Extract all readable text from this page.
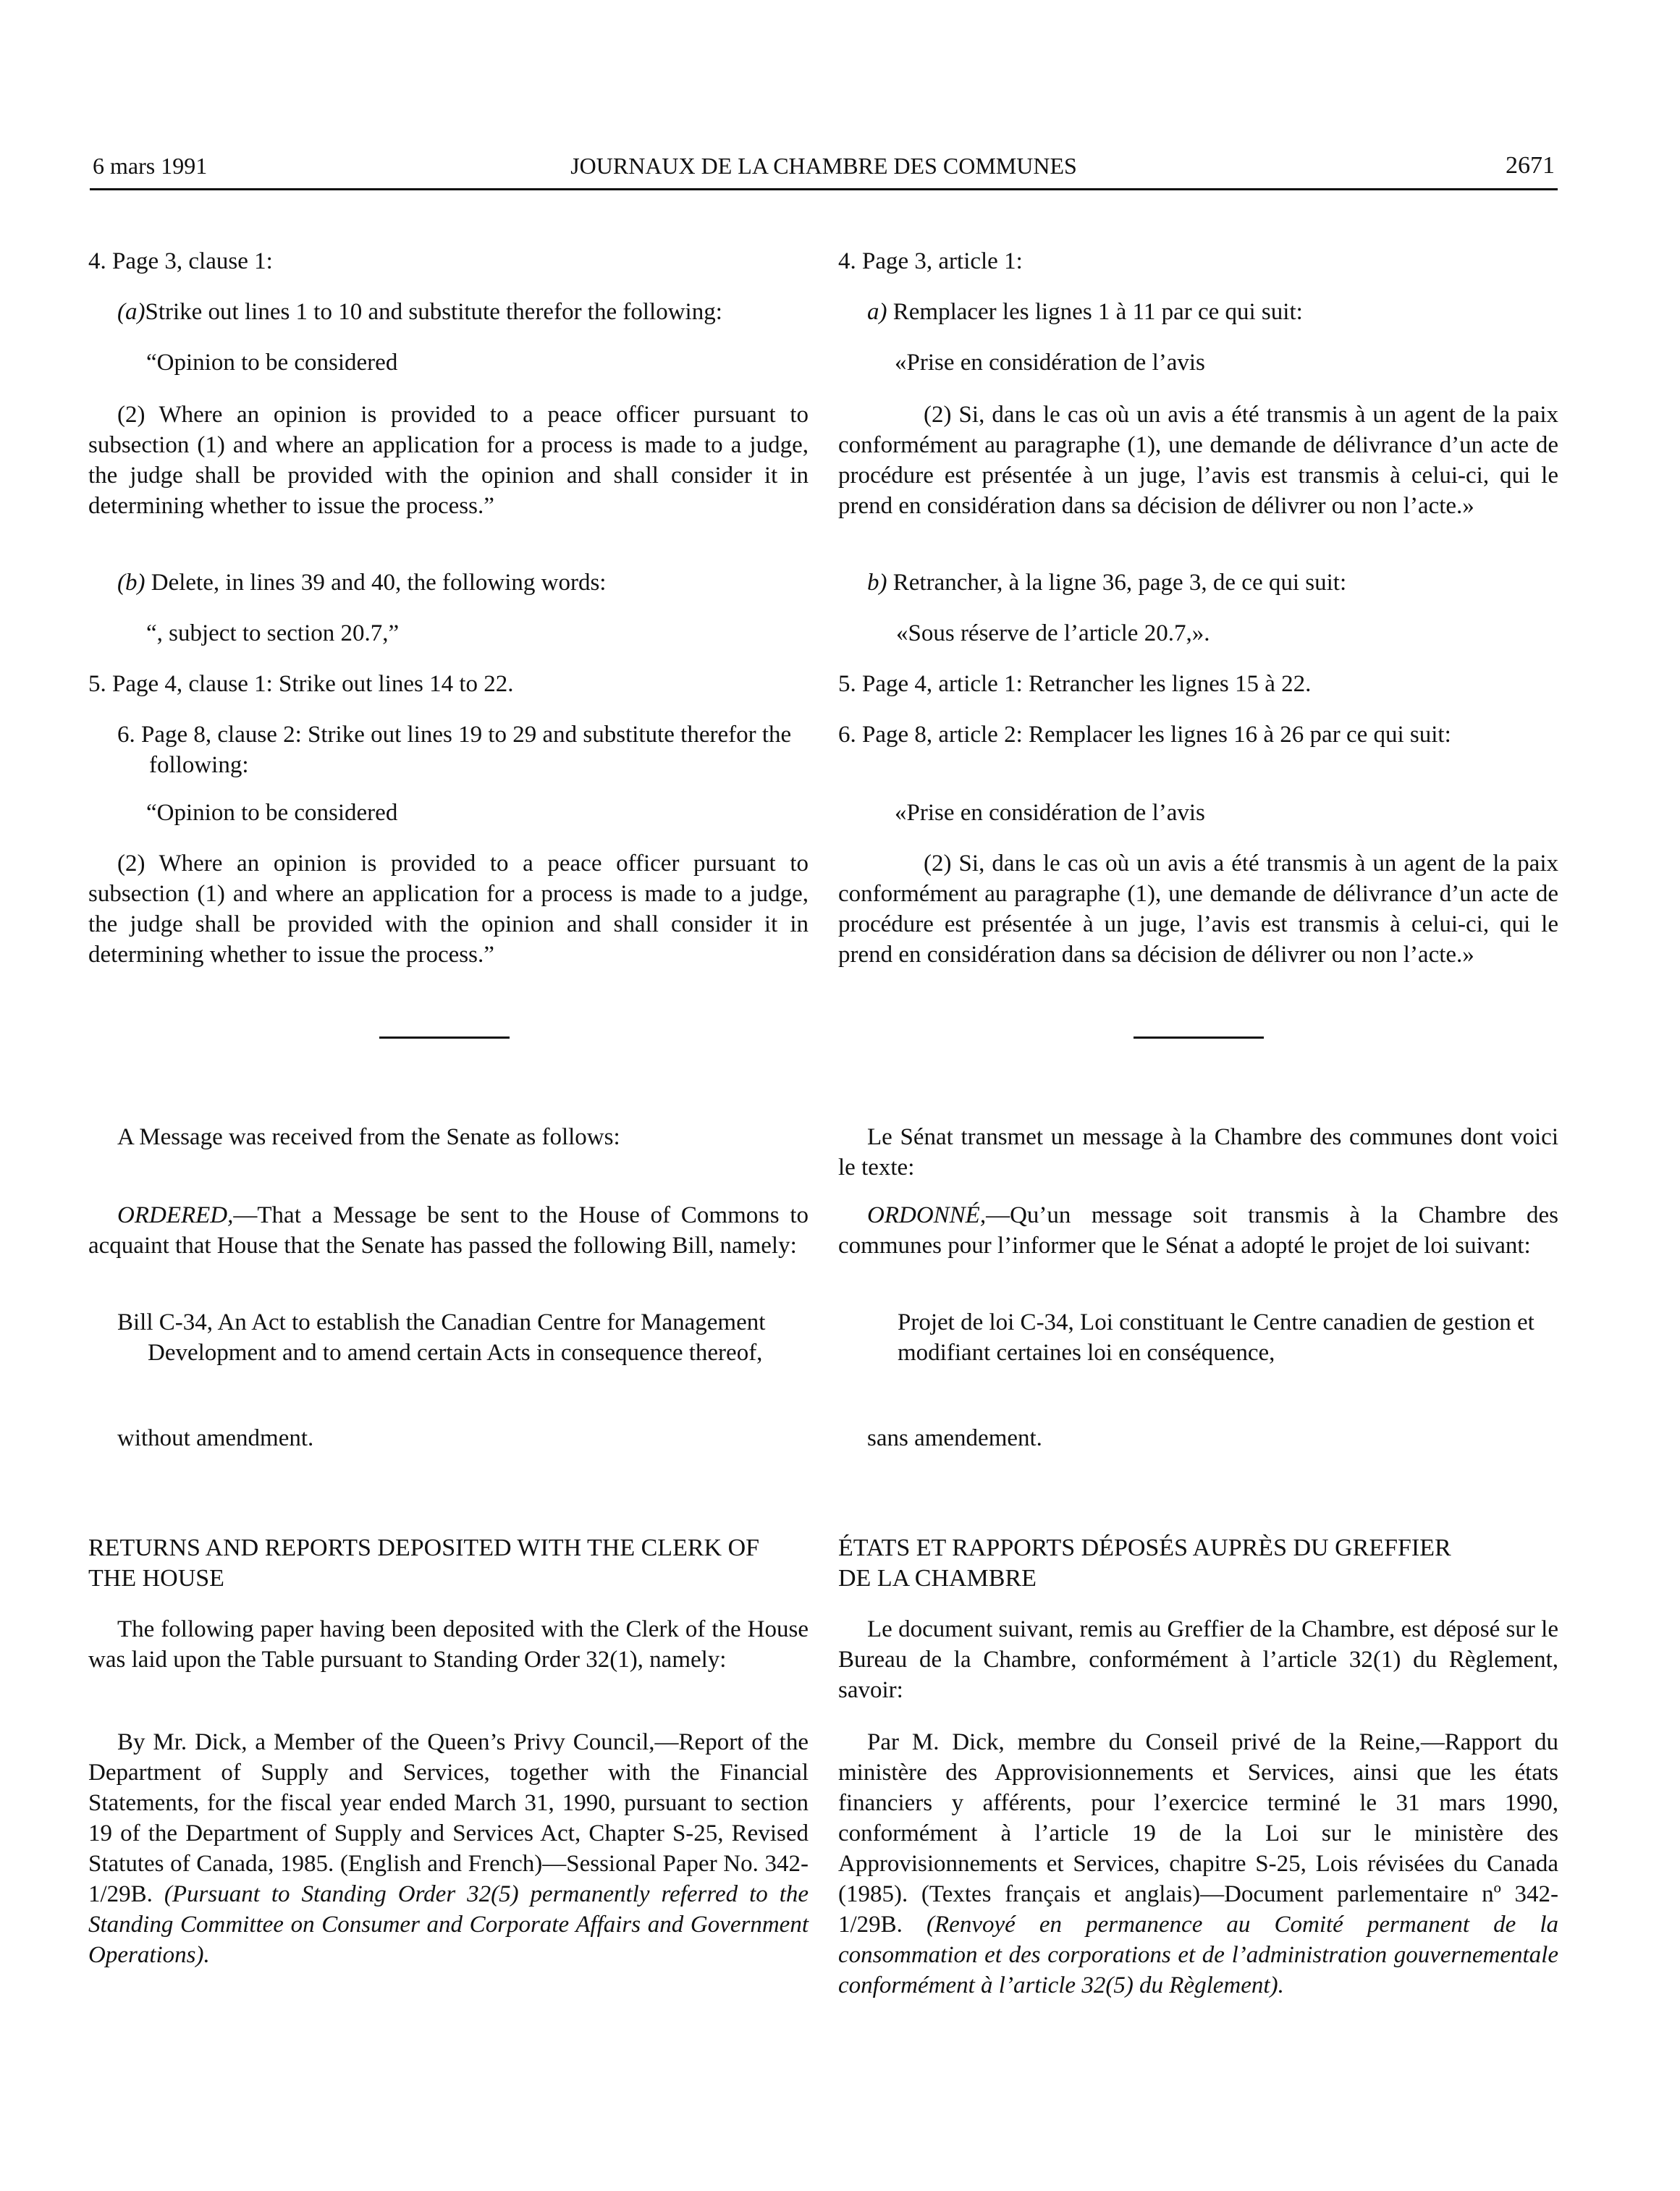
6 mars 1991	JOURNAUX DE LA CHAMBRE DES COMMUNES	2671

4. Page 3, clause 1:

(a)Strike out lines 1 to 10 and substitute therefor the following:

“Opinion to be considered

(2) Where an opinion is provided to a peace officer pursuant to subsection (1) and where an application for a process is made to a judge, the judge shall be provided with the opinion and shall consider it in determining whether to issue the process.”

(b) Delete, in lines 39 and 40, the following words:

“, subject to section 20.7,”

5. Page 4, clause 1: Strike out lines 14 to 22.

6. Page 8, clause 2: Strike out lines 19 to 29 and substitute therefor the following:

“Opinion to be considered

(2) Where an opinion is provided to a peace officer pursuant to subsection (1) and where an application for a process is made to a judge, the judge shall be provided with the opinion and shall consider it in determining whether to issue the process.”

A Message was received from the Senate as follows:

ORDERED,—That a Message be sent to the House of Commons to acquaint that House that the Senate has passed the following Bill, namely:

Bill C-34, An Act to establish the Canadian Centre for Management Development and to amend certain Acts in consequence thereof,

without amendment.

RETURNS AND REPORTS DEPOSITED WITH THE CLERK OF THE HOUSE

The following paper having been deposited with the Clerk of the House was laid upon the Table pursuant to Standing Order 32(1), namely:

By Mr. Dick, a Member of the Queen’s Privy Council,—Report of the Department of Supply and Services, together with the Financial Statements, for the fiscal year ended March 31, 1990, pursuant to section 19 of the Department of Supply and Services Act, Chapter S-25, Revised Statutes of Canada, 1985. (English and French)—Sessional Paper No. 342-1/29B. (Pursuant to Standing Order 32(5) permanently referred to the Standing Committee on Consumer and Corporate Affairs and Government Operations).

4. Page 3, article 1:

a) Remplacer les lignes 1 à 11 par ce qui suit:

«Prise en considération de l’avis

(2) Si, dans le cas où un avis a été transmis à un agent de la paix conformément au paragraphe (1), une demande de délivrance d’un acte de procédure est présentée à un juge, l’avis est transmis à celui-ci, qui le prend en considération dans sa décision de délivrer ou non l’acte.»

b) Retrancher, à la ligne 36, page 3, de ce qui suit:

«Sous réserve de l’article 20.7,».

5. Page 4, article 1: Retrancher les lignes 15 à 22.

6. Page 8, article 2: Remplacer les lignes 16 à 26 par ce qui suit:

«Prise en considération de l’avis

(2) Si, dans le cas où un avis a été transmis à un agent de la paix conformément au paragraphe (1), une demande de délivrance d’un acte de procédure est présentée à un juge, l’avis est transmis à celui-ci, qui le prend en considération dans sa décision de délivrer ou non l’acte.»

Le Sénat transmet un message à la Chambre des communes dont voici le texte:

ORDONNÉ,—Qu’un message soit transmis à la Chambre des communes pour l’informer que le Sénat a adopté le projet de loi suivant:

Projet de loi C-34, Loi constituant le Centre canadien de gestion et modifiant certaines loi en conséquence,

sans amendement.

ÉTATS ET RAPPORTS DÉPOSÉS AUPRÈS DU GREFFIER DE LA CHAMBRE

Le document suivant, remis au Greffier de la Chambre, est déposé sur le Bureau de la Chambre, conformément à l’article 32(1) du Règlement, savoir:

Par M. Dick, membre du Conseil privé de la Reine,—Rapport du ministère des Approvisionnements et Services, ainsi que les états financiers y afférents, pour l’exercice terminé le 31 mars 1990, conformément à l’article 19 de la Loi sur le ministère des Approvisionnements et Services, chapitre S-25, Lois révisées du Canada (1985). (Textes français et anglais)—Document parlementaire nº 342-1/29B. (Renvoyé en permanence au Comité permanent de la consommation et des corporations et de l’administration gouvernementale conformément à l’article 32(5) du Règlement).
